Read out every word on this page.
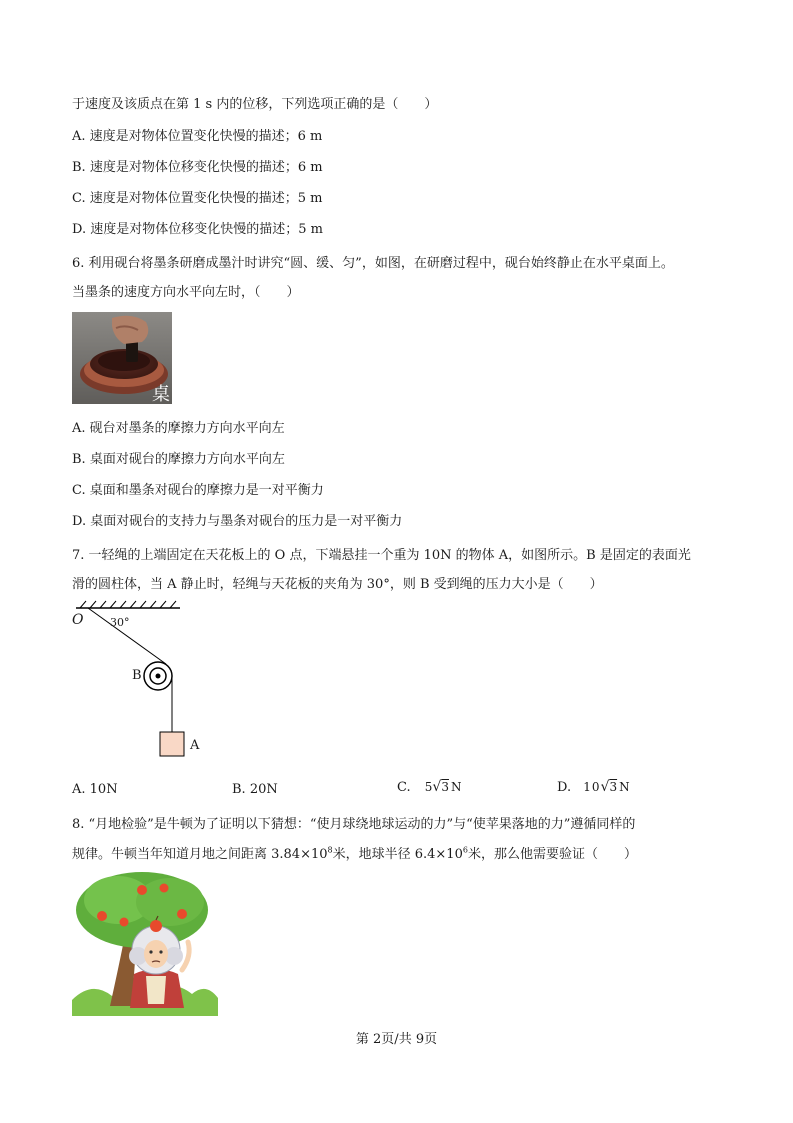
于速度及该质点在第 1 s 内的位移，下列选项正确的是（　　）
A. 速度是对物体位置变化快慢的描述；6 m
B. 速度是对物体位移变化快慢的描述；6 m
C. 速度是对物体位置变化快慢的描述；5 m
D. 速度是对物体位移变化快慢的描述；5 m
6. 利用砚台将墨条研磨成墨汁时讲究“圆、缓、匀”，如图，在研磨过程中，砚台始终静止在水平桌面上。
当墨条的速度方向水平向左时，（　　）
桌
A. 砚台对墨条的摩擦力方向水平向左
B. 桌面对砚台的摩擦力方向水平向左
C. 桌面和墨条对砚台的摩擦力是一对平衡力
D. 桌面对砚台的支持力与墨条对砚台的压力是一对平衡力
7. 一轻绳的上端固定在天花板上的 O 点，下端悬挂一个重为 10N 的物体 A，如图所示。B 是固定的表面光
滑的圆柱体，当 A 静止时，轻绳与天花板的夹角为 30°，则 B 受到绳的压力大小是（　　）
O 30°
B
A
A. 10N	B. 20N	C. 5√3 N	D. 10√3 N
8. “月地检验”是牛顿为了证明以下猜想：“使月球绕地球运动的力”与“使苹果落地的力”遵循同样的
规律。牛顿当年知道月地之间距离 $3.84\times 10^8$米，地球半径 $6.4\times 10^6$米，那么他需要验证（　　）
第 2页/共 9页
